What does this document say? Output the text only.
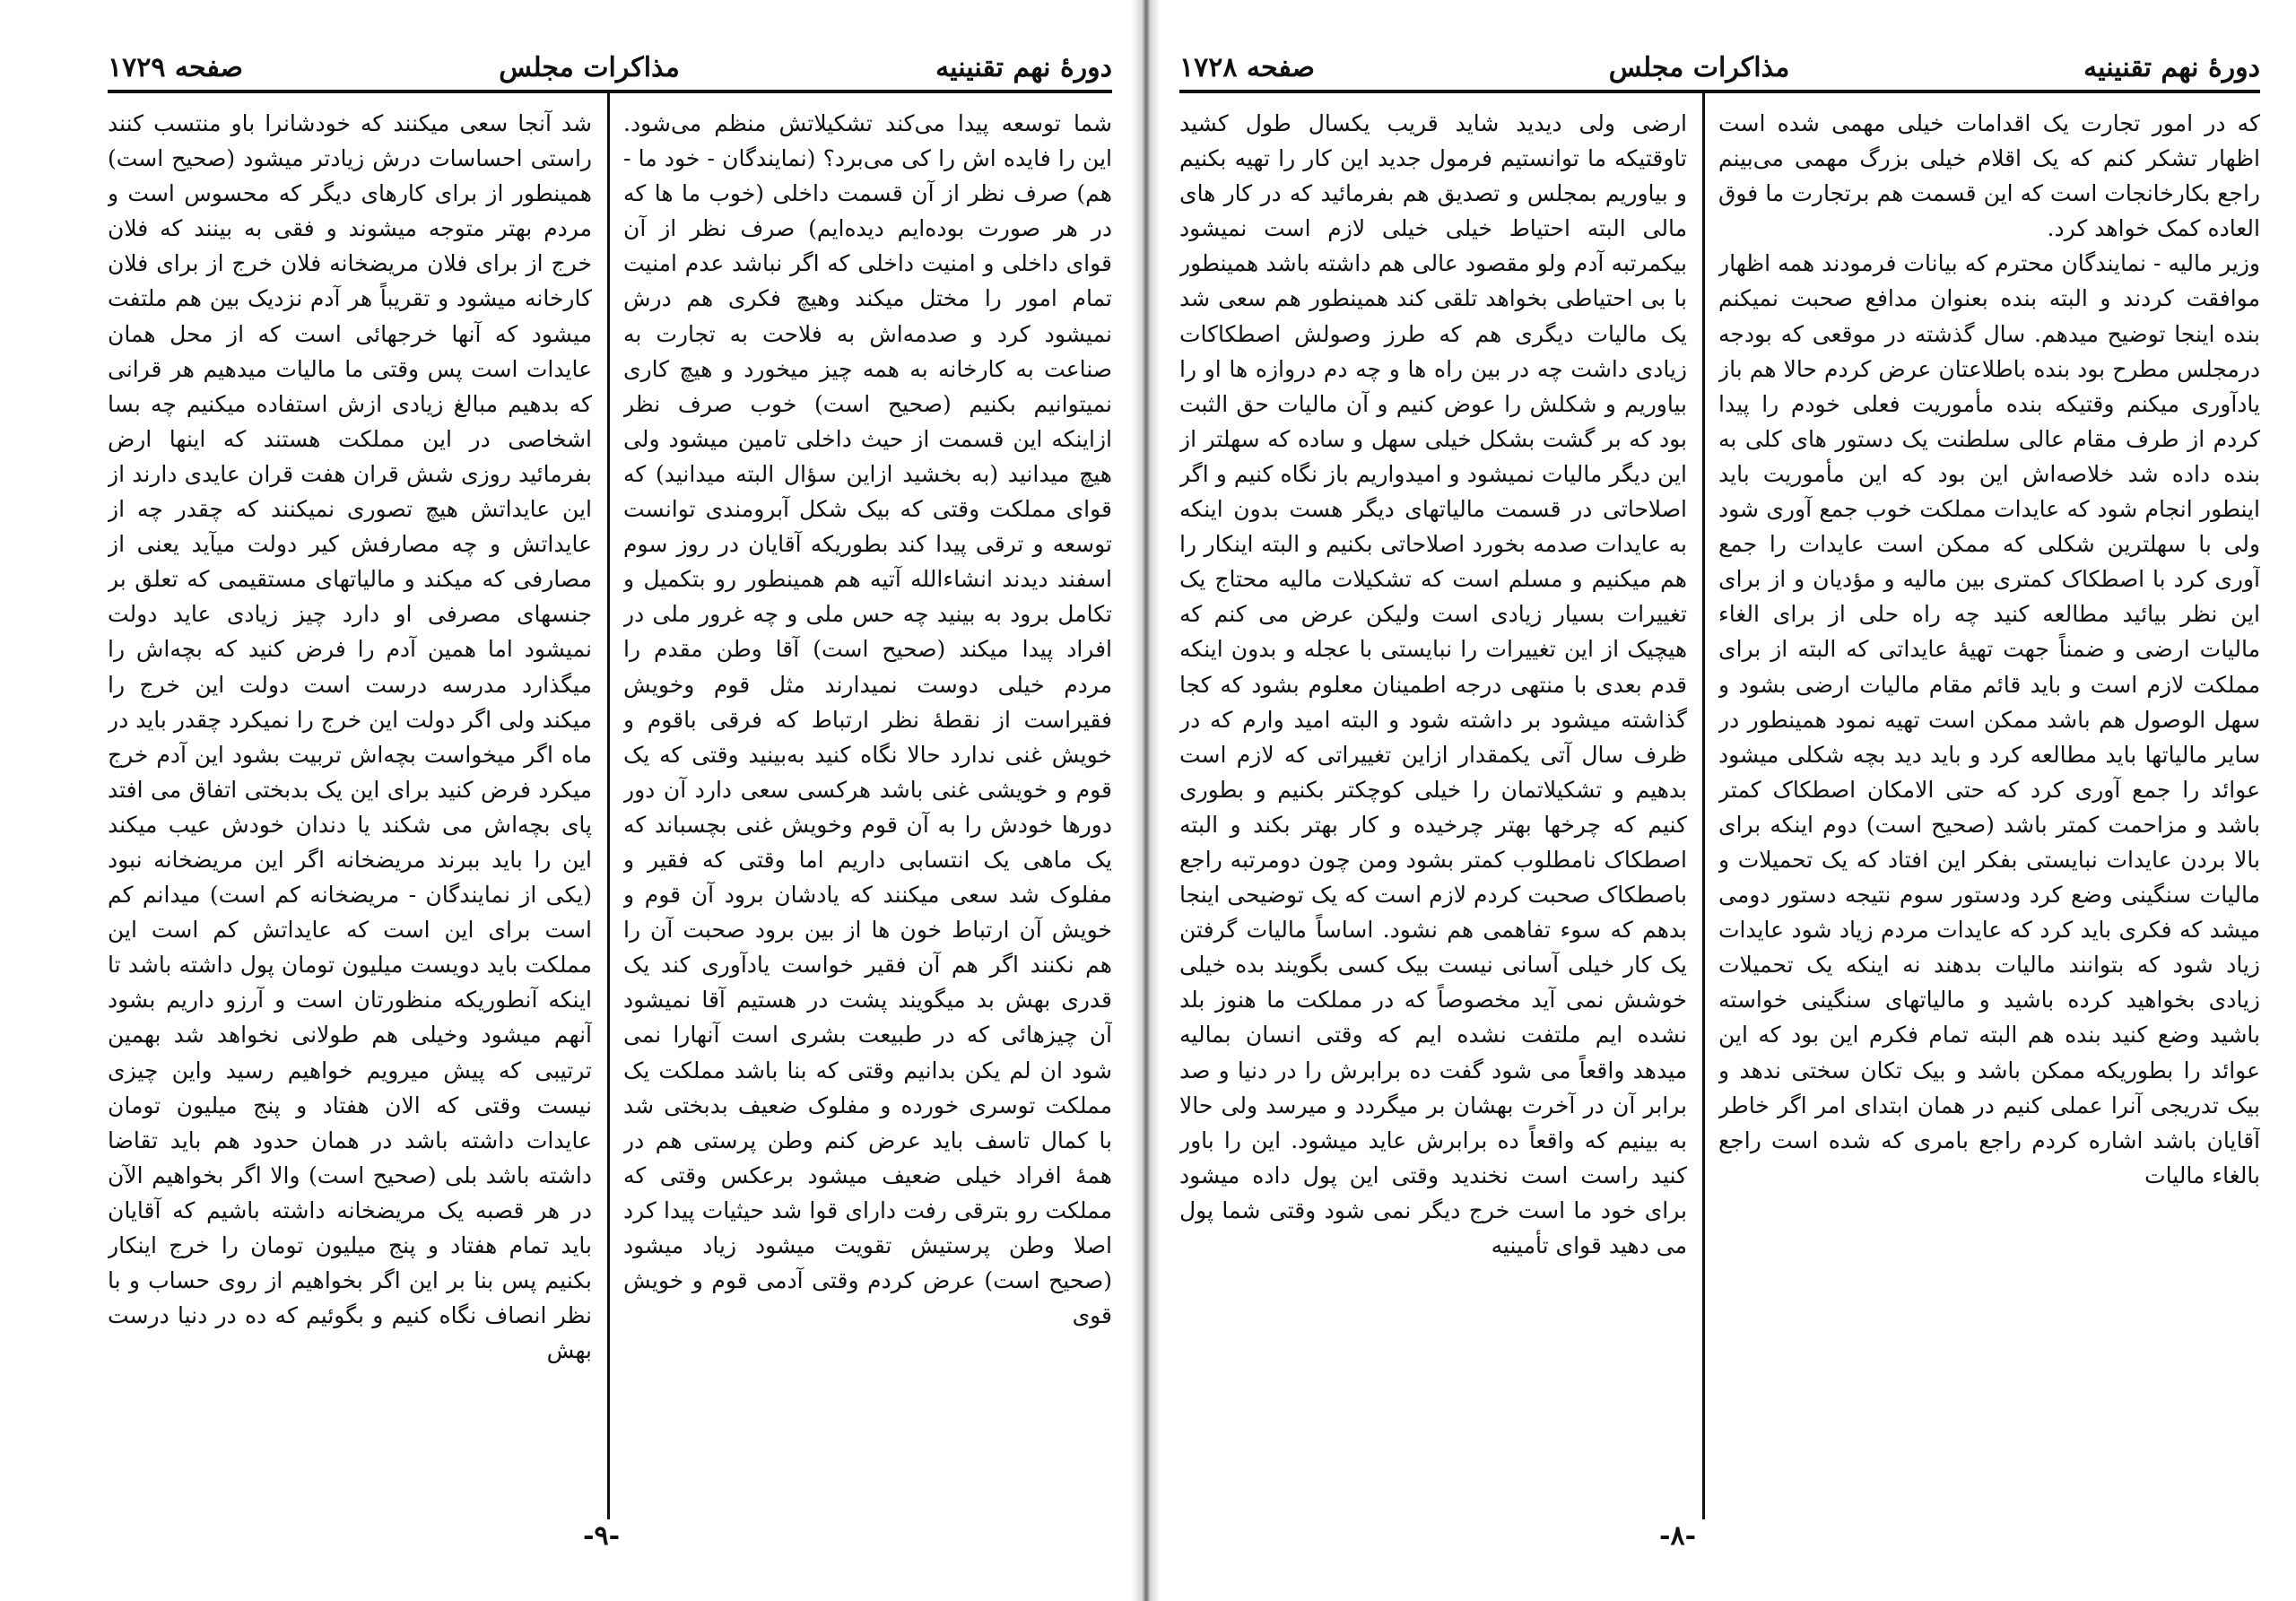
دورهٔ نهم تقنینیه
مذاکرات مجلس
صفحه ۱۷۲۹

شما توسعه پیدا می‌کند تشکیلاتش منظم می‌شود. این را فایده اش را کی می‌برد؟ (نمایندگان - خود ما - هم) صرف نظر از آن قسمت داخلی (خوب ما ها که در هر صورت بوده‌ایم دیده‌ایم) صرف نظر از آن قوای داخلی و امنیت داخلی که اگر نباشد عدم امنیت تمام امور را مختل میکند وهیچ فکری هم درش نمیشود کرد و صدمه‌اش به فلاحت به تجارت به صناعت به کارخانه به همه چیز میخورد و هیچ کاری نمیتوانیم بکنیم (صحیح است) خوب صرف نظر ازاینکه این قسمت از حیث داخلی تامین میشود ولی هیچ میدانید (به بخشید ازاین سؤال البته میدانید) که قوای مملکت وقتی که بیک شکل آبرومندی توانست توسعه و ترقی پیدا کند بطوریکه آقایان در روز سوم اسفند دیدند انشاءالله آتیه هم همینطور رو بتکمیل و تکامل برود به بینید چه حس ملی و چه غرور ملی در افراد پیدا میکند (صحیح است) آقا وطن مقدم را مردم خیلی دوست نمیدارند مثل قوم وخویش فقیراست از نقطهٔ نظر ارتباط که فرقی باقوم و خویش غنی ندارد حالا نگاه کنید به‌بینید وقتی که یک قوم و خویشی غنی باشد هرکسی سعی دارد آن دور دورها خودش را به آن قوم وخویش غنی بچسباند که یک ماهی یک انتسابی داریم اما وقتی که فقیر و مفلوک شد سعی میکنند که یادشان برود آن قوم و خویش آن ارتباط خون ها از بین برود صحبت آن را هم نکنند اگر هم آن فقیر خواست یادآوری کند یک قدری بهش بد میگویند پشت در هستیم آقا نمیشود آن چیزهائی که در طبیعت بشری است آنهارا نمی شود ان لم یکن بدانیم وقتی که بنا باشد مملکت یک مملکت توسری خورده و مفلوک ضعیف بدبختی شد با کمال تاسف باید عرض کنم وطن پرستی هم در همهٔ افراد خیلی ضعیف میشود برعکس وقتی که مملکت رو بترقی رفت دارای قوا شد حیثیات پیدا کرد اصلا وطن پرستیش تقویت میشود زیاد میشود (صحیح است) عرض کردم وقتی آدمی قوم و خویش قوی

شد آنجا سعی میکنند که خودشانرا باو منتسب کنند راستی احساسات درش زیادتر میشود (صحیح است) همینطور از برای کارهای دیگر که محسوس است و مردم بهتر متوجه میشوند و فقی به بینند که فلان خرج از برای فلان مریضخانه فلان خرج از برای فلان کارخانه میشود و تقریباً هر آدم نزدیک بین هم ملتفت میشود که آنها خرجهائی است که از محل همان عایدات است پس وقتی ما مالیات میدهیم هر قرانی که بدهیم مبالغ زیادی ازش استفاده میکنیم چه بسا اشخاصی در این مملکت هستند که اینها ارض بفرمائید روزی شش قران هفت قران عایدی دارند از این عایداتش هیچ تصوری نمیکنند که چقدر چه از عایداتش و چه مصارفش کیر دولت میآید یعنی از مصارفی که میکند و مالیاتهای مستقیمی که تعلق بر جنسهای مصرفی او دارد چیز زیادی عاید دولت نمیشود اما همین آدم را فرض کنید که بچه‌اش را میگذارد مدرسه درست است دولت این خرج را میکند ولی اگر دولت این خرج را نمیکرد چقدر باید در ماه اگر میخواست بچه‌اش تربیت بشود این آدم خرج میکرد فرض کنید برای این یک بدبختی اتفاق می افتد پای بچه‌اش می شکند یا دندان خودش عیب میکند این را باید ببرند مریضخانه اگر این مریضخانه نبود (یکی از نمایندگان - مریضخانه کم است) میدانم کم است برای این است که عایداتش کم است این مملکت باید دویست میلیون تومان پول داشته باشد تا اینکه آنطوریکه منظورتان است و آرزو داریم بشود آنهم میشود وخیلی هم طولانی نخواهد شد بهمین ترتیبی که پیش میرویم خواهیم رسید واین چیزی نیست وقتی که الان هفتاد و پنج میلیون تومان عایدات داشته باشد در همان حدود هم باید تقاضا داشته باشد بلی (صحیح است) والا اگر بخواهیم الآن در هر قصبه یک مریضخانه داشته باشیم که آقایان باید تمام هفتاد و پنج میلیون تومان را خرج اینکار بکنیم پس بنا بر این اگر بخواهیم از روی حساب و با نظر انصاف نگاه کنیم و بگوئیم که ده در دنیا درست بهش

-۹-
دورهٔ نهم تقنینیه
مذاکرات مجلس
صفحه ۱۷۲۸

که در امور تجارت یک اقدامات خیلی مهمی شده است اظهار تشکر کنم که یک اقلام خیلی بزرگ مهمی می‌بینم راجع بکارخانجات است که این قسمت هم برتجارت ما فوق العاده کمک خواهد کرد.

وزیر مالیه - نمایندگان محترم که بیانات فرمودند همه اظهار موافقت کردند و البته بنده بعنوان مدافع صحبت نمیکنم بنده اینجا توضیح میدهم. سال گذشته در موقعی که بودجه درمجلس مطرح بود بنده باطلاعتان عرض کردم حالا هم باز یادآوری میکنم وقتیکه بنده مأموریت فعلی خودم را پیدا کردم از طرف مقام عالی سلطنت یک دستور های کلی به بنده داده شد خلاصه‌اش این بود که این مأموریت باید اینطور انجام شود که عایدات مملکت خوب جمع آوری شود ولی با سهلترین شکلی که ممکن است عایدات را جمع آوری کرد با اصطکاک کمتری بین مالیه و مؤدیان و از برای این نظر بیائید مطالعه کنید چه راه حلی از برای الغاء مالیات ارضی و ضمناً جهت تهیهٔ عایداتی که البته از برای مملکت لازم است و باید قائم مقام مالیات ارضی بشود و سهل الوصول هم باشد ممکن است تهیه نمود همینطور در سایر مالیاتها باید مطالعه کرد و باید دید بچه شکلی میشود عوائد را جمع آوری کرد که حتی الامکان اصطکاک کمتر باشد و مزاحمت کمتر باشد (صحیح است) دوم اینکه برای بالا بردن عایدات نبایستی بفکر این افتاد که یک تحمیلات و مالیات سنگینی وضع کرد ودستور سوم نتیجه دستور دومی میشد که فکری باید کرد که عایدات مردم زیاد شود عایدات زیاد شود که بتوانند مالیات بدهند نه اینکه یک تحمیلات زیادی بخواهید کرده باشید و مالیاتهای سنگینی خواسته باشید وضع کنید بنده هم البته تمام فکرم این بود که این عوائد را بطوریکه ممکن باشد و بیک تکان سختی ندهد و بیک تدریجی آنرا عملی کنیم در همان ابتدای امر اگر خاطر آقایان باشد اشاره کردم راجع بامری که شده است راجع بالغاء مالیات

ارضی ولی دیدید شاید قریب یکسال طول کشید تاوقتیکه ما توانستیم فرمول جدید این کار را تهیه بکنیم و بیاوریم بمجلس و تصدیق هم بفرمائید که در کار های مالی البته احتیاط خیلی خیلی لازم است نمیشود بیکمرتبه آدم ولو مقصود عالی هم داشته باشد همینطور با بی احتیاطی بخواهد تلقی کند همینطور هم سعی شد یک مالیات دیگری هم که طرز وصولش اصطکاکات زیادی داشت چه در بین راه ها و چه دم دروازه ها او را بیاوریم و شکلش را عوض کنیم و آن مالیات حق الثبت بود که بر گشت بشکل خیلی سهل و ساده که سهلتر از این دیگر مالیات نمیشود و امیدواریم باز نگاه کنیم و اگر اصلاحاتی در قسمت مالیاتهای دیگر هست بدون اینکه به عایدات صدمه بخورد اصلاحاتی بکنیم و البته اینکار را هم میکنیم و مسلم است که تشکیلات مالیه محتاج یک تغییرات بسیار زیادی است ولیکن عرض می کنم که هیچیک از این تغییرات را نبایستی با عجله و بدون اینکه قدم بعدی با منتهی درجه اطمینان معلوم بشود که کجا گذاشته میشود بر داشته شود و البته امید وارم که در ظرف سال آتی یکمقدار ازاین تغییراتی که لازم است بدهیم و تشکیلاتمان را خیلی کوچکتر بکنیم و بطوری کنیم که چرخها بهتر چرخیده و کار بهتر بکند و البته اصطکاک نامطلوب کمتر بشود ومن چون دومرتبه راجع باصطکاک صحبت کردم لازم است که یک توضیحی اینجا بدهم که سوء تفاهمی هم نشود. اساساً مالیات گرفتن یک کار خیلی آسانی نیست بیک کسی بگویند بده خیلی خوشش نمی آید مخصوصاً که در مملکت ما هنوز بلد نشده ایم ملتفت نشده ایم که وقتی انسان بمالیه میدهد واقعاً می شود گفت ده برابرش را در دنیا و صد برابر آن در آخرت بهشان بر میگردد و میرسد ولی حالا به بینیم که واقعاً ده برابرش عاید میشود. این را باور کنید راست است نخندید وقتی این پول داده میشود برای خود ما است خرج دیگر نمی شود وقتی شما پول می دهید قوای تأمینیه

-۸-
